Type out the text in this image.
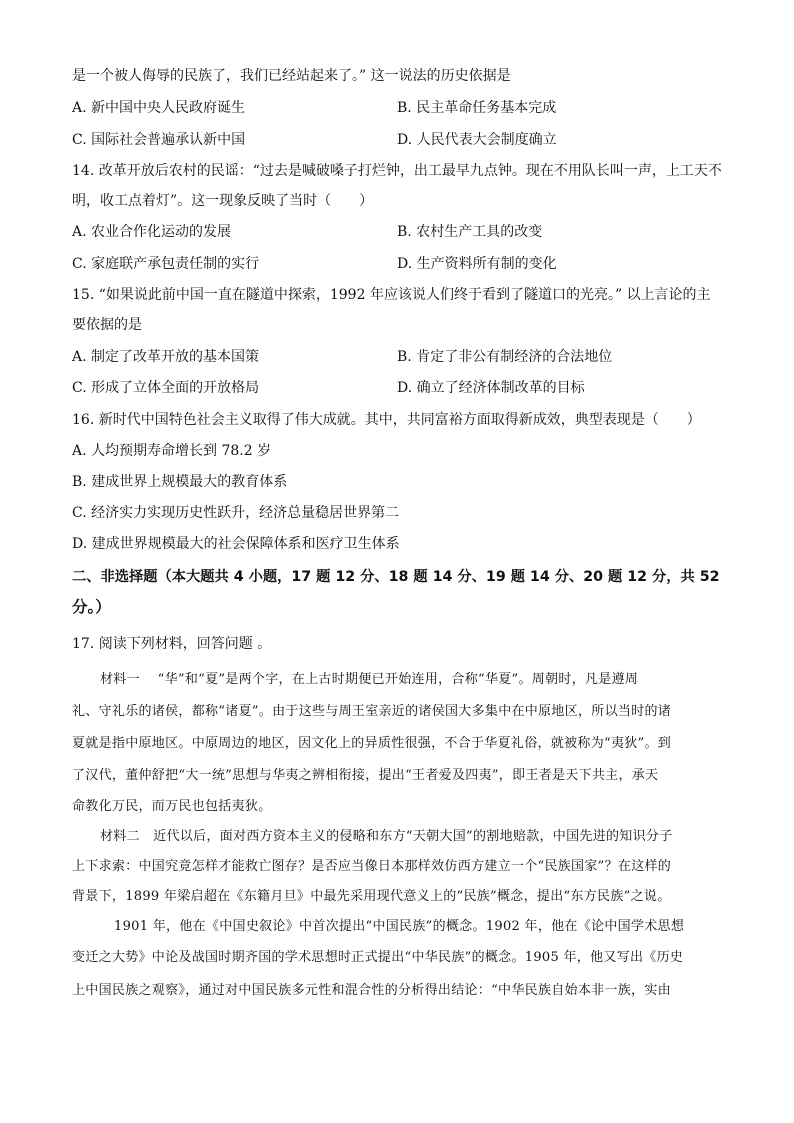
是一个被人侮辱的民族了，我们已经站起来了。” 这一说法的历史依据是
A. 新中国中央人民政府诞生	B. 民主革命任务基本完成
C. 国际社会普遍承认新中国	D. 人民代表大会制度确立
14. 改革开放后农村的民谣：“过去是喊破嗓子打烂钟，出工最早九点钟。现在不用队长叫一声，上工天不
明，收工点着灯”。这一现象反映了当时（　　）
A. 农业合作化运动的发展	B. 农村生产工具的改变
C. 家庭联产承包责任制的实行	D. 生产资料所有制的变化
15. “如果说此前中国一直在隧道中探索，1992 年应该说人们终于看到了隧道口的光亮。” 以上言论的主
要依据的是
A. 制定了改革开放的基本国策	B. 肯定了非公有制经济的合法地位
C. 形成了立体全面的开放格局	D. 确立了经济体制改革的目标
16. 新时代中国特色社会主义取得了伟大成就。其中，共同富裕方面取得新成效，典型表现是（　　）
A. 人均预期寿命增长到 78.2 岁
B. 建成世界上规模最大的教育体系
C. 经济实力实现历史性跃升，经济总量稳居世界第二
D. 建成世界规模最大的社会保障体系和医疗卫生体系
二、非选择题（本大题共 4 小题，17 题 12 分、18 题 14 分、19 题 14 分、20 题 12 分，共 52
分。）
17. 阅读下列材料，回答问题 。
材料一　 “华”和“夏”是两个字，在上古时期便已开始连用，合称“华夏”。周朝时，凡是遵周
礼、守礼乐的诸侯，都称“诸夏”。由于这些与周王室亲近的诸侯国大多集中在中原地区，所以当时的诸
夏就是指中原地区。中原周边的地区，因文化上的异质性很强，不合于华夏礼俗，就被称为“夷狄”。到
了汉代，董仲舒把“大一统”思想与华夷之辨相衔接，提出“王者爱及四夷”，即王者是天下共主，承天
命教化万民，而万民也包括夷狄。
材料二　近代以后，面对西方资本主义的侵略和东方“天朝大国”的割地赔款，中国先进的知识分子
上下求索：中国究竟怎样才能救亡图存？是否应当像日本那样效仿西方建立一个“民族国家”？在这样的
背景下，1899 年梁启超在《东籍月旦》中最先采用现代意义上的“民族”概念，提出“东方民族”之说。
1901 年，他在《中国史叙论》中首次提出“中国民族”的概念。1902 年，他在《论中国学术思想
变迁之大势》中论及战国时期齐国的学术思想时正式提出“中华民族”的概念。1905 年，他又写出《历史
上中国民族之观察》，通过对中国民族多元性和混合性的分析得出结论：“中华民族自始本非一族，实由
